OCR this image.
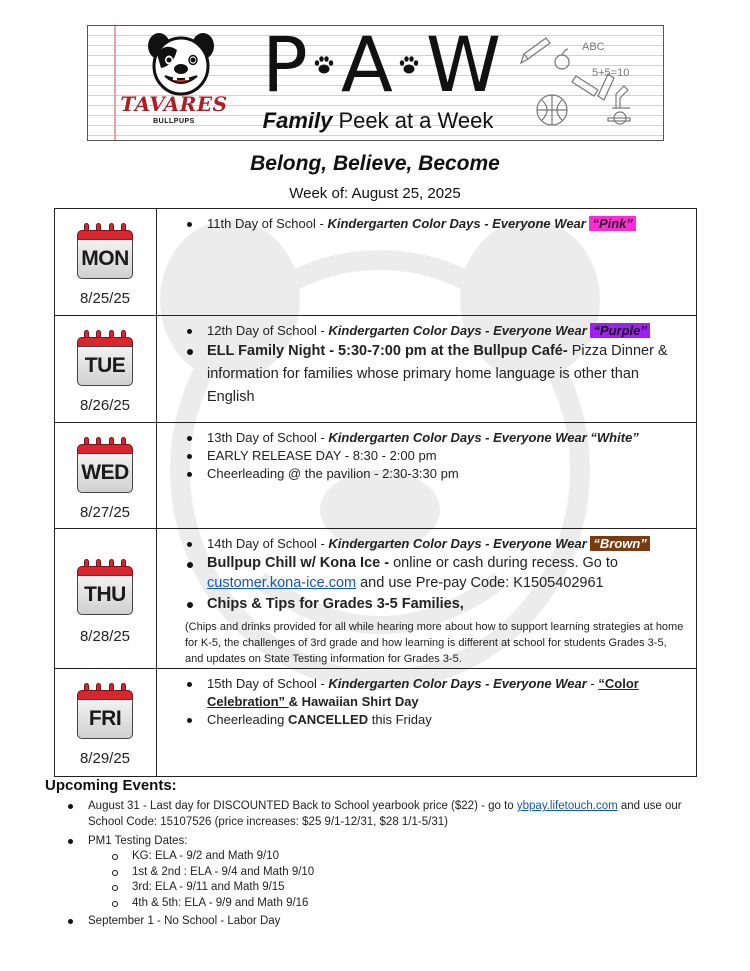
TAVARES
BULLPUPS
P A W
Family Peek at a Week
ABC
5+5=10
Belong, Believe, Become
Week of: August 25, 2025
MON
8/25/25
11th Day of School - Kindergarten Color Days - Everyone Wear “Pink”
TUE
8/26/25
12th Day of School - Kindergarten Color Days - Everyone Wear “Purple”
ELL Family Night - 5:30-7:00 pm at the Bullpup Café- Pizza Dinner & information for families whose primary home language is other than English
WED
8/27/25
13th Day of School - Kindergarten Color Days - Everyone Wear “White”
EARLY RELEASE DAY - 8:30 - 2:00 pm
Cheerleading @ the pavilion - 2:30-3:30 pm
THU
8/28/25
14th Day of School - Kindergarten Color Days - Everyone Wear “Brown”
Bullpup Chill w/ Kona Ice - online or cash during recess. Go to customer.kona-ice.com and use Pre-pay Code: K1505402961
Chips & Tips for Grades 3-5 Families,

(Chips and drinks provided for all while hearing more about how to support learning strategies at home for K-5, the challenges of 3rd grade and how learning is different at school for students Grades 3-5, and updates on State Testing information for Grades 3-5.

FRI
8/29/25
15th Day of School - Kindergarten Color Days - Everyone Wear - “Color Celebration” & Hawaiian Shirt Day
Cheerleading CANCELLED this Friday
Upcoming Events:
August 31 - Last day for DISCOUNTED Back to School yearbook price ($22) - go to ybpay.lifetouch.com and use our School Code: 15107526 (price increases: $25 9/1-12/31, $28 1/1-5/31)
PM1 Testing Dates:
KG: ELA - 9/2 and Math 9/10
1st & 2nd : ELA - 9/4 and Math 9/10
3rd: ELA - 9/11 and Math 9/15
4th & 5th: ELA - 9/9 and Math 9/16
September 1 - No School - Labor Day
